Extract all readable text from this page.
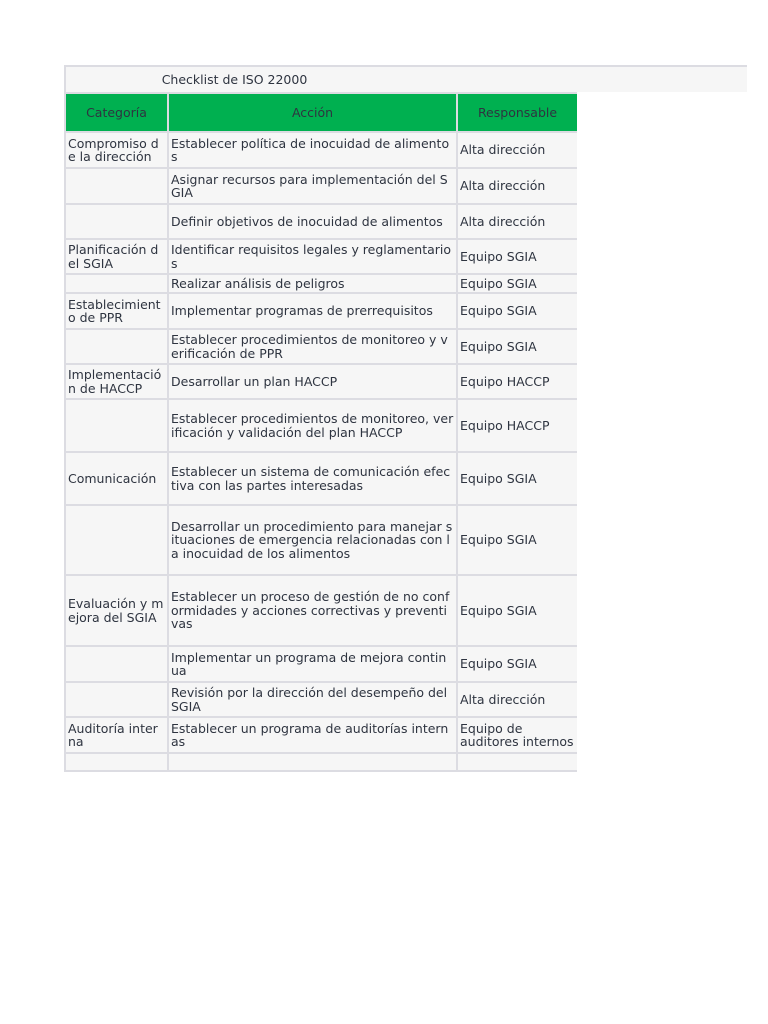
Checklist de ISO 22000
Categoría	Acción	Responsable
Compromiso de la dirección	Establecer política de inocuidad de alimentos	Alta dirección
	Asignar recursos para implementación del SGIA	Alta dirección
	Definir objetivos de inocuidad de alimentos	Alta dirección
Planificación del SGIA	Identificar requisitos legales y reglamentarios	Equipo SGIA
	Realizar análisis de peligros	Equipo SGIA
Establecimiento de PPR	Implementar programas de prerrequisitos	Equipo SGIA
	Establecer procedimientos de monitoreo y verificación de PPR	Equipo SGIA
Implementación de HACCP	Desarrollar un plan HACCP	Equipo HACCP
	Establecer procedimientos de monitoreo, verificación y validación del plan HACCP	Equipo HACCP
Comunicación	Establecer un sistema de comunicación efectiva con las partes interesadas	Equipo SGIA
	Desarrollar un procedimiento para manejar situaciones de emergencia relacionadas con la inocuidad de los alimentos	Equipo SGIA
Evaluación y mejora del SGIA	Establecer un proceso de gestión de no conformidades y acciones correctivas y preventivas	Equipo SGIA
	Implementar un programa de mejora continua	Equipo SGIA
	Revisión por la dirección del desempeño del SGIA	Alta dirección
Auditoría interna	Establecer un programa de auditorías internas	Equipo de auditores internos
